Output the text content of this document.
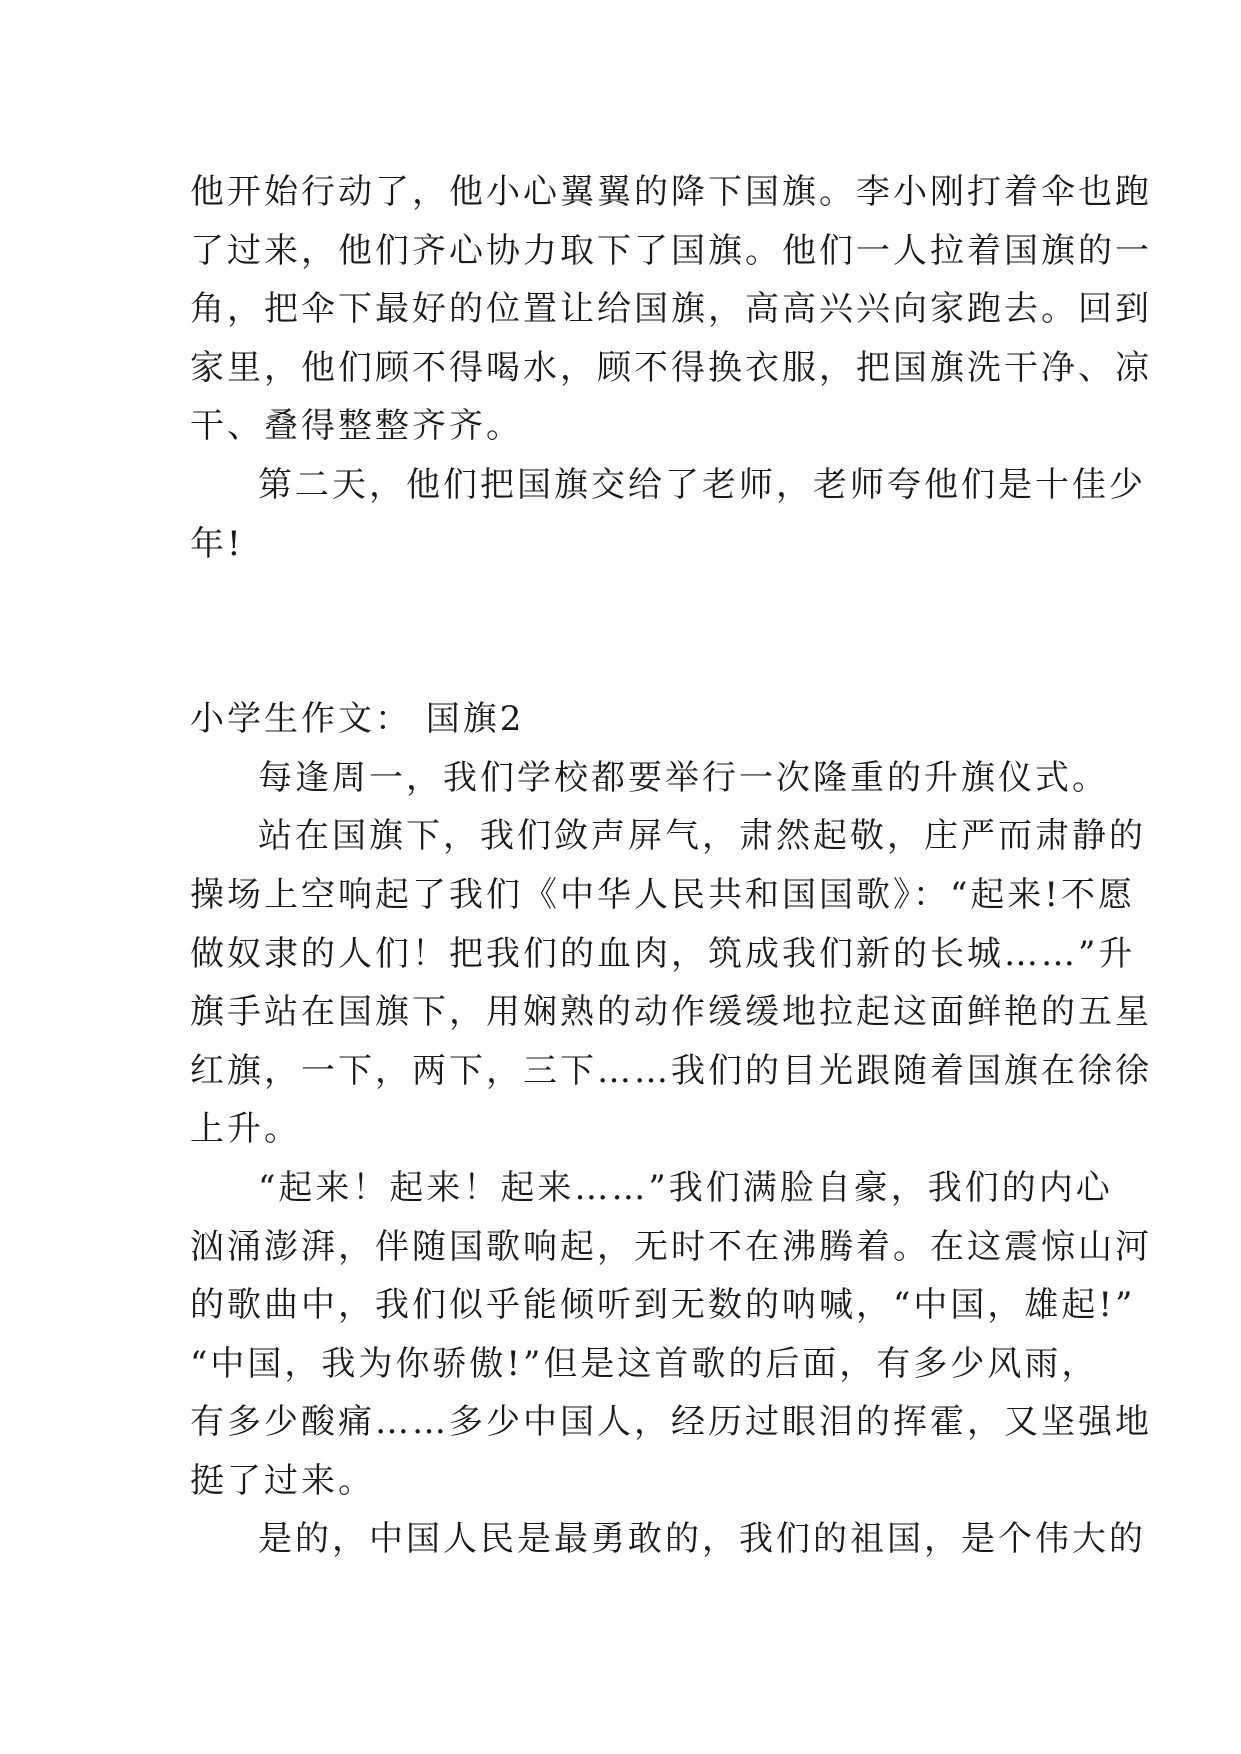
他开始行动了，他小心翼翼的降下国旗。李小刚打着伞也跑
了过来，他们齐心协力取下了国旗。他们一人拉着国旗的一
角，把伞下最好的位置让给国旗，高高兴兴向家跑去。回到
家里，他们顾不得喝水，顾不得换衣服，把国旗洗干净、凉
干、叠得整整齐齐。
第二天，他们把国旗交给了老师，老师夸他们是十佳少
年!
小学生作文： 国旗2
每逢周一，我们学校都要举行一次隆重的升旗仪式。
站在国旗下，我们敛声屏气，肃然起敬，庄严而肃静的
操场上空响起了我们《中华人民共和国国歌》：“起来!不愿
做奴隶的人们！把我们的血肉，筑成我们新的长城……”升
旗手站在国旗下，用娴熟的动作缓缓地拉起这面鲜艳的五星
红旗，一下，两下，三下……我们的目光跟随着国旗在徐徐
上升。
“起来！起来！起来……”我们满脸自豪，我们的内心
汹涌澎湃，伴随国歌响起，无时不在沸腾着。在这震惊山河
的歌曲中，我们似乎能倾听到无数的呐喊，“中国，雄起!”
“中国，我为你骄傲!”但是这首歌的后面，有多少风雨，
有多少酸痛……多少中国人，经历过眼泪的挥霍，又坚强地
挺了过来。
是的，中国人民是最勇敢的，我们的祖国，是个伟大的
